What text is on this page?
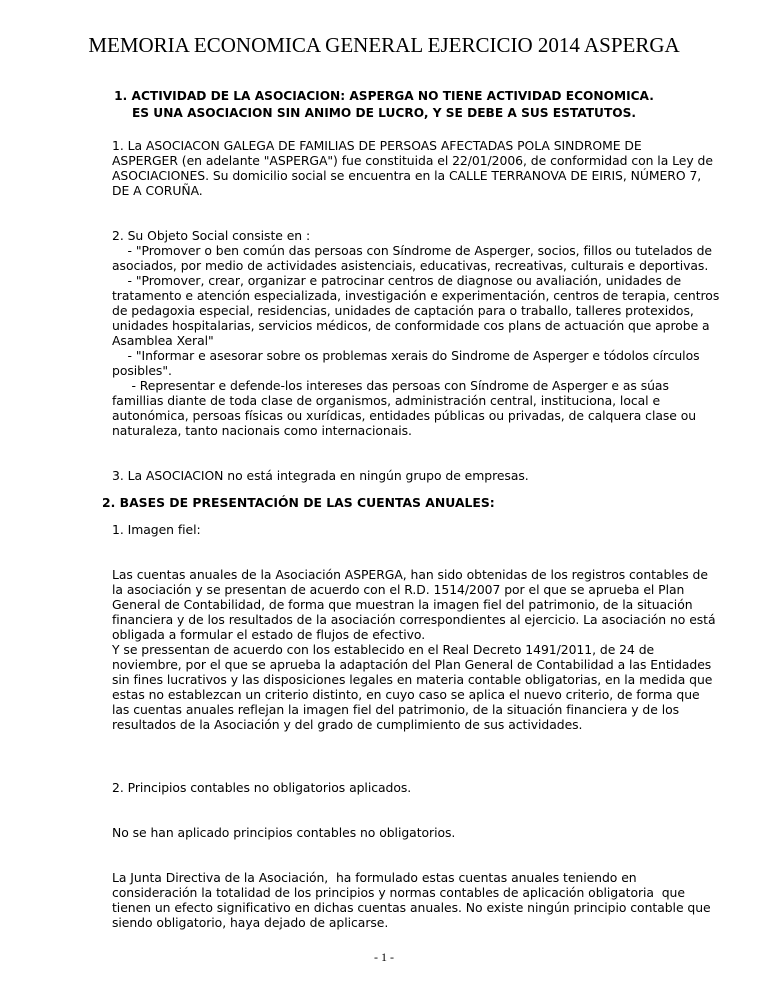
MEMORIA ECONOMICA GENERAL EJERCICIO 2014 ASPERGA
1. ACTIVIDAD DE LA ASOCIACION: ASPERGA NO TIENE ACTIVIDAD ECONOMICA.
ES UNA ASOCIACION SIN ANIMO DE LUCRO, Y SE DEBE A SUS ESTATUTOS.
1. La ASOCIACON GALEGA DE FAMILIAS DE PERSOAS AFECTADAS POLA SINDROME DE
ASPERGER (en adelante "ASPERGA") fue constituida el 22/01/2006, de conformidad con la Ley de
ASOCIACIONES. Su domicilio social se encuentra en la CALLE TERRANOVA DE EIRIS, NÚMERO 7,
DE A CORUÑA.
2. Su Objeto Social consiste en :
- "Promover o ben común das persoas con Síndrome de Asperger, socios, fillos ou tutelados de
asociados, por medio de actividades asistenciais, educativas, recreativas, culturais e deportivas.
- "Promover, crear, organizar e patrocinar centros de diagnose ou avaliación, unidades de
tratamento e atención especializada, investigación e experimentación, centros de terapia, centros
de pedagoxia especial, residencias, unidades de captación para o traballo, talleres protexidos,
unidades hospitalarias, servicios médicos, de conformidade cos plans de actuación que aprobe a
Asamblea Xeral"
- "Informar e asesorar sobre os problemas xerais do Sindrome de Asperger e tódolos círculos
posibles".
- Representar e defende-los intereses das persoas con Síndrome de Asperger e as súas
famillias diante de toda clase de organismos, administración central, instituciona, local e
autonómica, persoas físicas ou xurídicas, entidades públicas ou privadas, de calquera clase ou
naturaleza, tanto nacionais como internacionais.
3. La ASOCIACION no está integrada en ningún grupo de empresas.
2. BASES DE PRESENTACIÓN DE LAS CUENTAS ANUALES:
1. Imagen fiel:
Las cuentas anuales de la Asociación ASPERGA, han sido obtenidas de los registros contables de
la asociación y se presentan de acuerdo con el R.D. 1514/2007 por el que se aprueba el Plan
General de Contabilidad, de forma que muestran la imagen fiel del patrimonio, de la situación
financiera y de los resultados de la asociación correspondientes al ejercicio. La asociación no está
obligada a formular el estado de flujos de efectivo.
Y se pressentan de acuerdo con los establecido en el Real Decreto 1491/2011, de 24 de
noviembre, por el que se aprueba la adaptación del Plan General de Contabilidad a las Entidades
sin fines lucrativos y las disposiciones legales en materia contable obligatorias, en la medida que
estas no establezcan un criterio distinto, en cuyo caso se aplica el nuevo criterio, de forma que
las cuentas anuales reflejan la imagen fiel del patrimonio, de la situación financiera y de los
resultados de la Asociación y del grado de cumplimiento de sus actividades.
2. Principios contables no obligatorios aplicados.
No se han aplicado principios contables no obligatorios.
La Junta Directiva de la Asociación,  ha formulado estas cuentas anuales teniendo en
consideración la totalidad de los principios y normas contables de aplicación obligatoria  que
tienen un efecto significativo en dichas cuentas anuales. No existe ningún principio contable que
siendo obligatorio, haya dejado de aplicarse.
- 1 -
